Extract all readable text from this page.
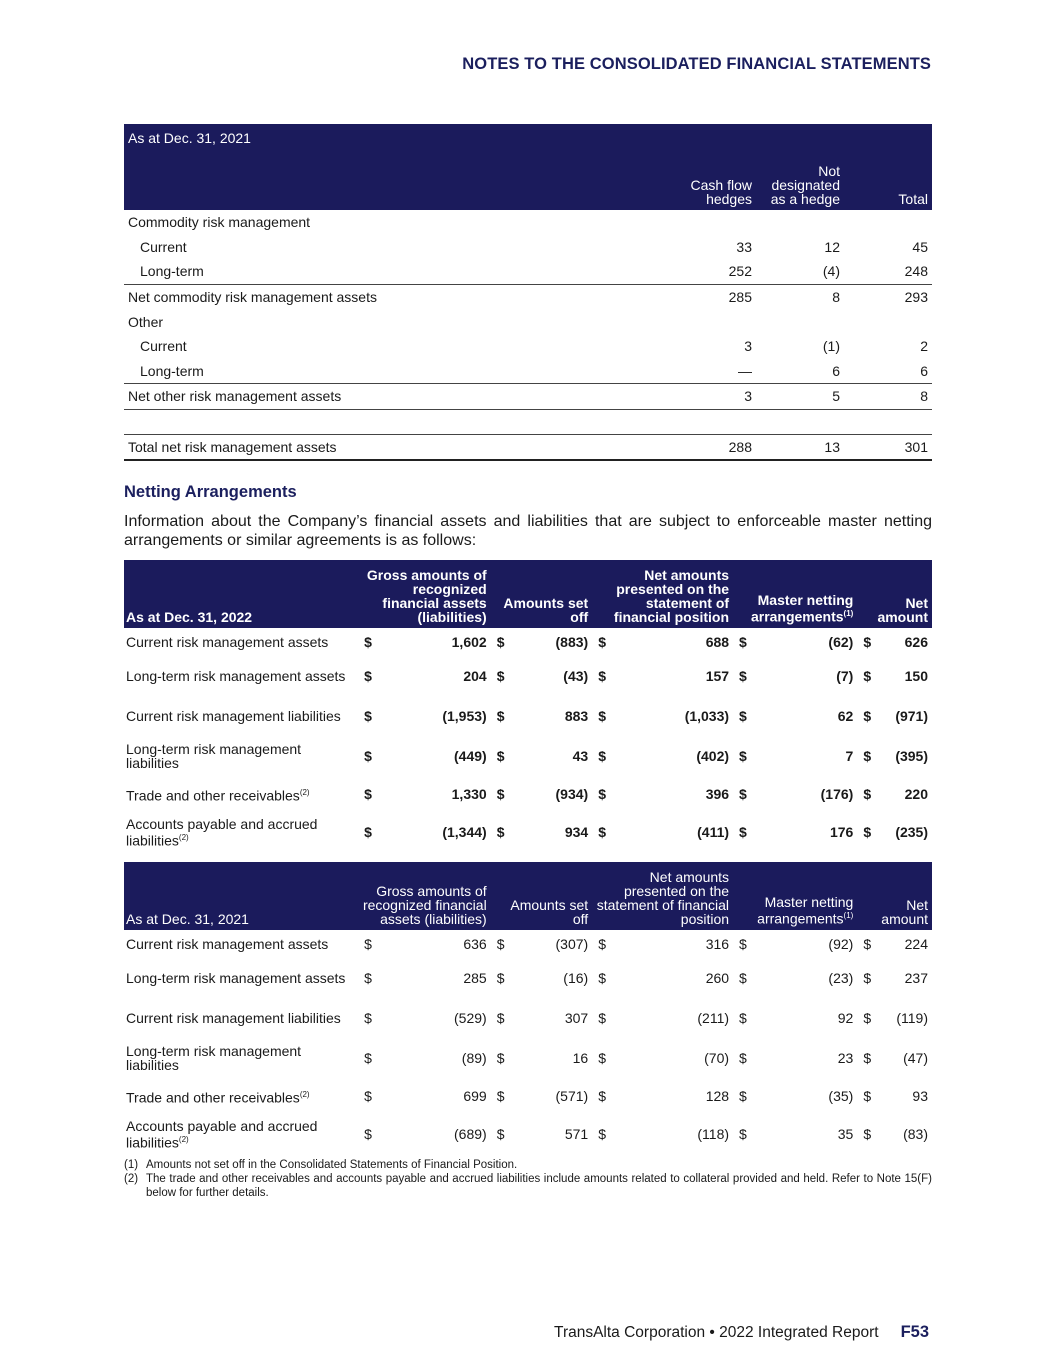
NOTES TO THE CONSOLIDATED FINANCIAL STATEMENTS
As at Dec. 31, 2021			
	Cash flow hedges	Not designated as a hedge	Total
Commodity risk management			
Current	33	12	45
Long-term	252	(4)	248
Net commodity risk management assets	285	8	293
Other			
Current	3	(1)	2
Long-term	—	6	6
Net other risk management assets	3	5	8

Total net risk management assets	288	13	301
Netting Arrangements
Information about the Company’s financial assets and liabilities that are subject to enforceable master netting arrangements or similar agreements is as follows:
As at Dec. 31, 2022	Gross amounts of recognized financial assets (liabilities)		Amounts set off		Net amounts presented on the statement of financial position		Master netting arrangements$^{(1)}$		Net amount	
Current risk management assets	$	1,602	$	(883)	$	688	$	(62)	$	626
Long-term risk management assets	$	204	$	(43)	$	157	$	(7)	$	150
Current risk management liabilities	$	(1,953)	$	883	$	(1,033)	$	62	$	(971)
Long-term risk management liabilities	$	(449)	$	43	$	(402)	$	7	$	(395)
Trade and other receivables$^{(2)}$	$	1,330	$	(934)	$	396	$	(176)	$	220
Accounts payable and accrued liabilities$^{(2)}$	$	(1,344)	$	934	$	(411)	$	176	$	(235)
As at Dec. 31, 2021	Gross amounts of recognized financial assets (liabilities)		Amounts set off		Net amounts presented on the statement of financial position		Master netting arrangements$^{(1)}$		Net amount	
Current risk management assets	$	636	$	(307)	$	316	$	(92)	$	224
Long-term risk management assets	$	285	$	(16)	$	260	$	(23)	$	237
Current risk management liabilities	$	(529)	$	307	$	(211)	$	92	$	(119)
Long-term risk management liabilities	$	(89)	$	16	$	(70)	$	23	$	(47)
Trade and other receivables$^{(2)}$	$	699	$	(571)	$	128	$	(35)	$	93
Accounts payable and accrued liabilities$^{(2)}$	$	(689)	$	571	$	(118)	$	35	$	(83)
(1) Amounts not set off in the Consolidated Statements of Financial Position.
(2) The trade and other receivables and accounts payable and accrued liabilities include amounts related to collateral provided and held. Refer to Note 15(F) below for further details.
TransAlta Corporation • 2022 Integrated Report F53
